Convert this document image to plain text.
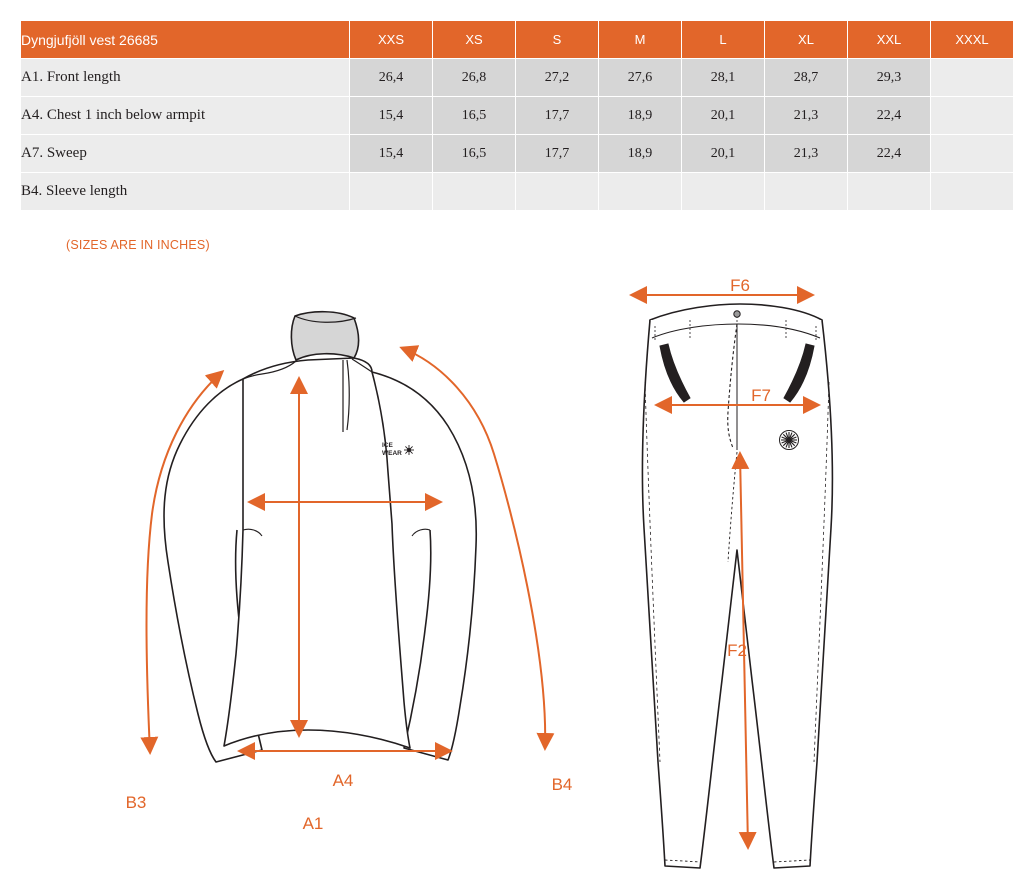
Dyngjufjöll vest 26685	XXS	XS	S	M	L	XL	XXL	XXXL
A1. Front length	26,4	26,8	27,2	27,6	28,1	28,7	29,3	
A4. Chest 1 inch below armpit	15,4	16,5	17,7	18,9	20,1	21,3	22,4	
A7. Sweep	15,4	16,5	17,7	18,9	20,1	21,3	22,4	
B4. Sleeve length								
(SIZES ARE IN INCHES)
ICE
WEAR
A4
A1
B3
B4
F6
F7
F2
